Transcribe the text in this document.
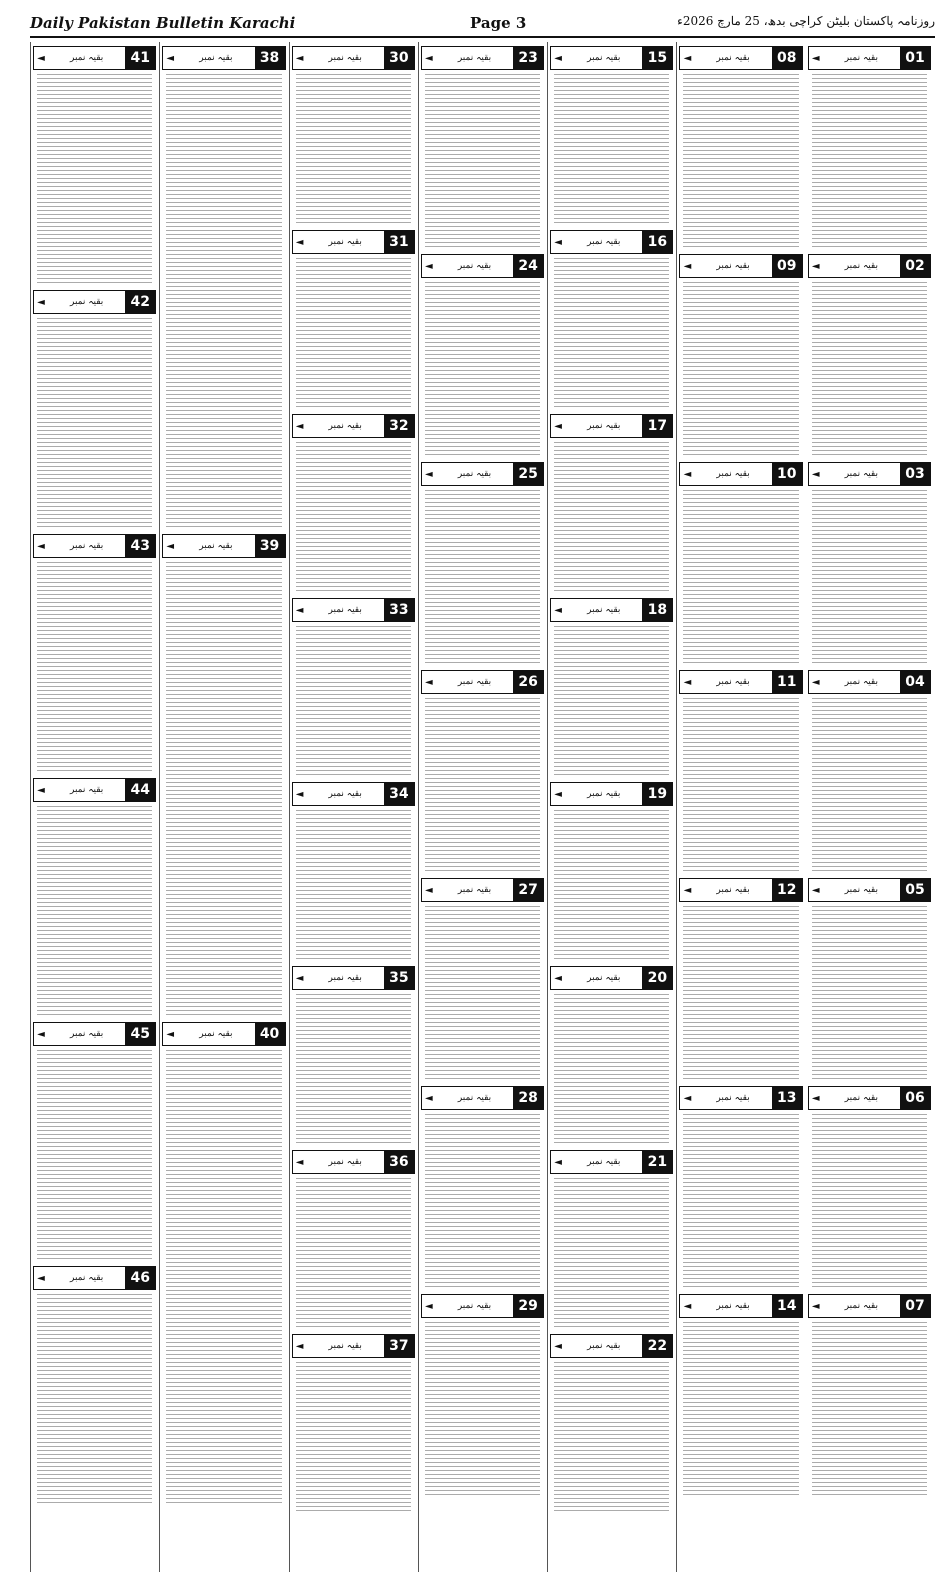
Daily Pakistan Bulletin Karachi	Page 3	روزنامہ پاکستان بلیٹن کراچی بدھ، 25 مارچ 2026ء
◄	بقیہ نمبر	01
◄	بقیہ نمبر	02
◄	بقیہ نمبر	03
◄	بقیہ نمبر	04
◄	بقیہ نمبر	05
◄	بقیہ نمبر	06
◄	بقیہ نمبر	07
◄	بقیہ نمبر	08
◄	بقیہ نمبر	09
◄	بقیہ نمبر	10
◄	بقیہ نمبر	11
◄	بقیہ نمبر	12
◄	بقیہ نمبر	13
◄	بقیہ نمبر	14
◄	بقیہ نمبر	15
◄	بقیہ نمبر	16
◄	بقیہ نمبر	17
◄	بقیہ نمبر	18
◄	بقیہ نمبر	19
◄	بقیہ نمبر	20
◄	بقیہ نمبر	21
◄	بقیہ نمبر	22
◄	بقیہ نمبر	23
◄	بقیہ نمبر	24
◄	بقیہ نمبر	25
◄	بقیہ نمبر	26
◄	بقیہ نمبر	27
◄	بقیہ نمبر	28
◄	بقیہ نمبر	29
◄	بقیہ نمبر	30
◄	بقیہ نمبر	31
◄	بقیہ نمبر	32
◄	بقیہ نمبر	33
◄	بقیہ نمبر	34
◄	بقیہ نمبر	35
◄	بقیہ نمبر	36
◄	بقیہ نمبر	37
◄	بقیہ نمبر	38
◄	بقیہ نمبر	39
◄	بقیہ نمبر	40
◄	بقیہ نمبر	41
◄	بقیہ نمبر	42
◄	بقیہ نمبر	43
◄	بقیہ نمبر	44
◄	بقیہ نمبر	45
◄	بقیہ نمبر	46
